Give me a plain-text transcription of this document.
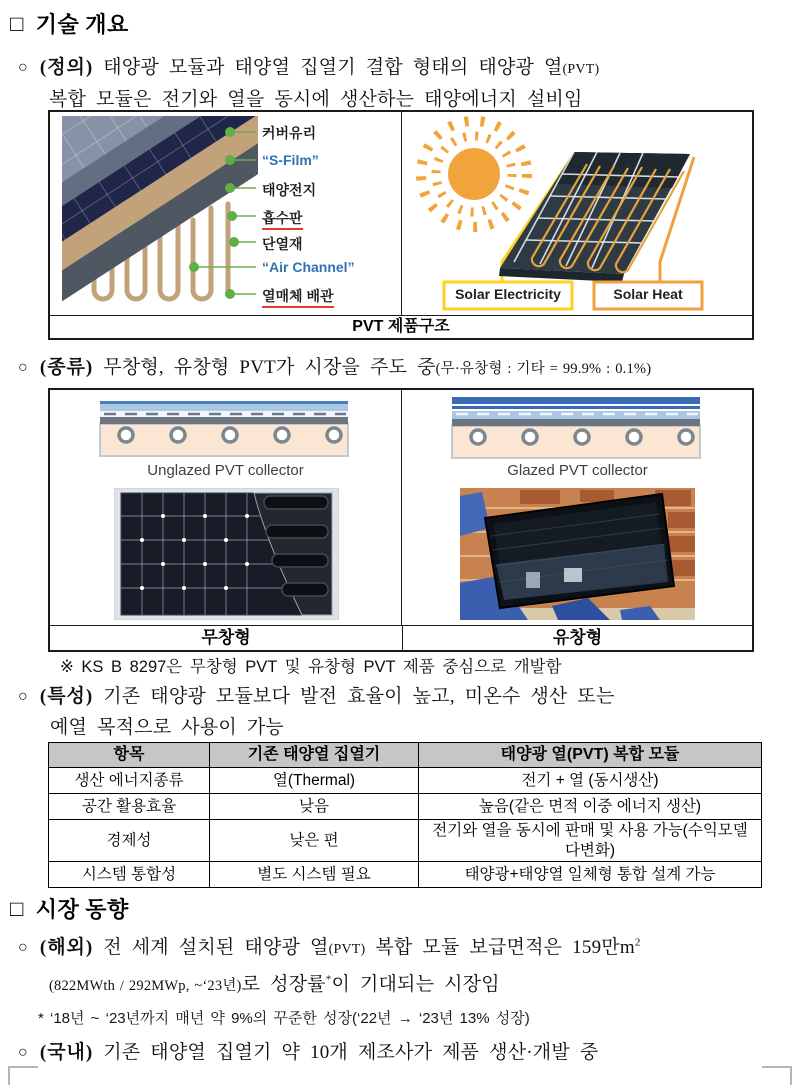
□ 기술 개요
○ (정의) 태양광 모듈과 태양열 집열기 결합 형태의 태양광 열(PVT)
복합 모듈은 전기와 열을 동시에 생산하는 태양에너지 설비임
커버유리
“S-Film”
태양전지
흡수판
단열재
“Air Channel”
열매체 배관	Solar Electricity	Solar Heat
PVT 제품구조
○ (종류) 무창형, 유창형 PVT가 시장을 주도 중(무·유창형 : 기타 = 99.9% : 0.1%)
Unglazed PVT collector	Glazed PVT collector
무창형	유창형
※ KS B 8297은 무창형 PVT 및 유창형 PVT 제품 중심으로 개발함
○ (특성) 기존 태양광 모듈보다 발전 효율이 높고, 미온수 생산 또는
예열 목적으로 사용이 가능
항목	기존 태양열 집열기	태양광 열(PVT) 복합 모듈
생산 에너지종류	열(Thermal)	전기 + 열 (동시생산)
공간 활용효율	낮음	높음(같은 면적 이중 에너지 생산)
경제성	낮은 편	전기와 열을 동시에 판매 및 사용 가능(수익모델 다변화)
시스템 통합성	별도 시스템 필요	태양광+태양열 일체형 통합 설계 가능
□ 시장 동향
○ (해외) 전 세계 설치된 태양광 열(PVT) 복합 모듈 보급면적은 159만$m^2$
(822MWth / 292MWp, ~‘23년)로 성장률*이 기대되는 시장임
* ‘18년 ~ ‘23년까지 매년 약 9%의 꾸준한 성장(‘22년 → ‘23년 13% 성장)
○ (국내) 기존 태양열 집열기 약 10개 제조사가 제품 생산·개발 중
